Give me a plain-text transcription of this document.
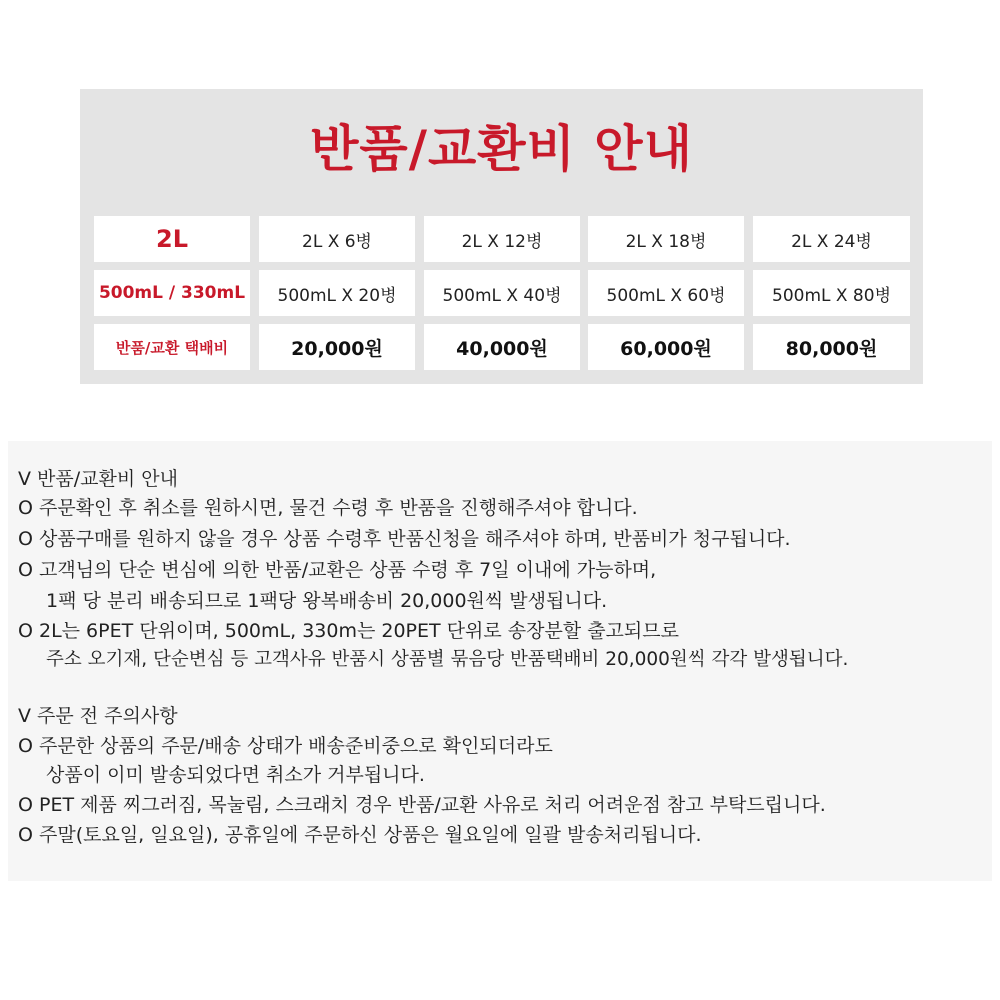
반품/교환비 안내
2L	2L X 6병	2L X 12병	2L X 18병	2L X 24병
500mL / 330mL	500mL X 20병	500mL X 40병	500mL X 60병	500mL X 80병
반품/교환 택배비	20,000원	40,000원	60,000원	80,000원
V 반품/교환비 안내
O 주문확인 후 취소를 원하시면, 물건 수령 후 반품을 진행해주셔야 합니다.
O 상품구매를 원하지 않을 경우 상품 수령후 반품신청을 해주셔야 하며, 반품비가 청구됩니다.
O 고객님의 단순 변심에 의한 반품/교환은 상품 수령 후 7일 이내에 가능하며,
1팩 당 분리 배송되므로 1팩당 왕복배송비 20,000원씩 발생됩니다.
O 2L는 6PET 단위이며, 500mL, 330m는 20PET 단위로 송장분할 출고되므로
주소 오기재, 단순변심 등 고객사유 반품시 상품별 묶음당 반품택배비 20,000원씩 각각 발생됩니다.
V 주문 전 주의사항
O 주문한 상품의 주문/배송 상태가 배송준비중으로 확인되더라도
상품이 이미 발송되었다면 취소가 거부됩니다.
O PET 제품 찌그러짐, 목눌림, 스크래치 경우 반품/교환 사유로 처리 어려운점 참고 부탁드립니다.
O 주말(토요일, 일요일), 공휴일에 주문하신 상품은 월요일에 일괄 발송처리됩니다.
